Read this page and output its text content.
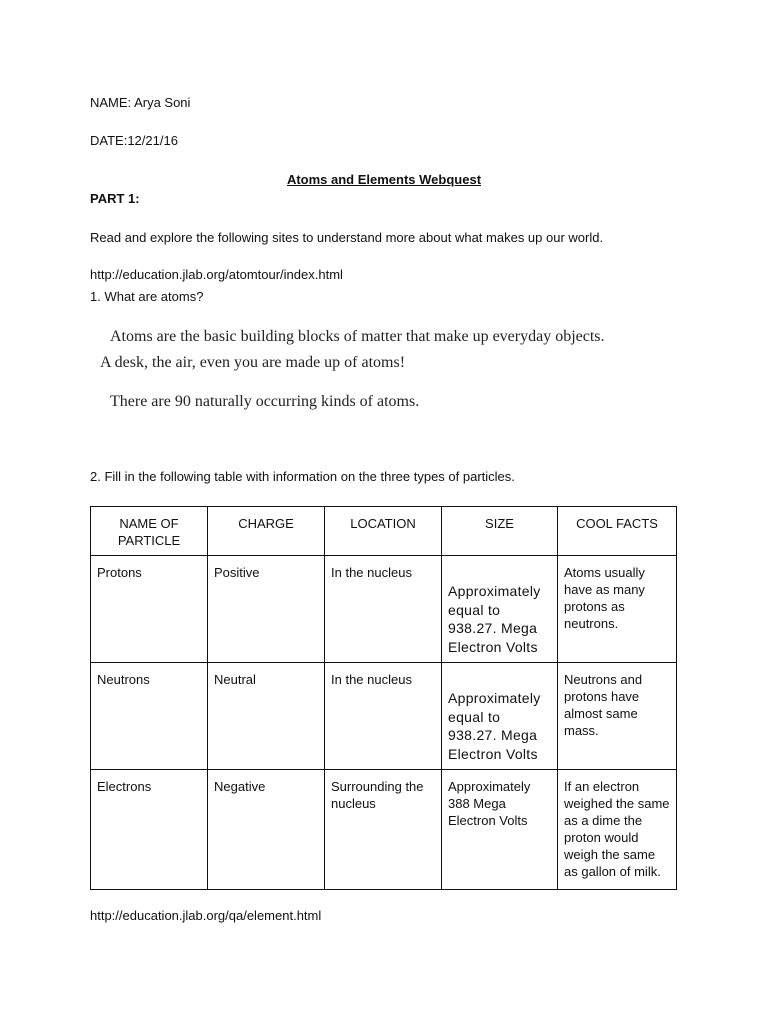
NAME: Arya Soni
DATE:12/21/16
Atoms and Elements Webquest
PART 1:
Read and explore the following sites to understand more about what makes up our world.
http://education.jlab.org/atomtour/index.html
1. What are atoms?
Atoms are the basic building blocks of matter that make up everyday objects.
A desk, the air, even you are made up of atoms!
There are 90 naturally occurring kinds of atoms.
2. Fill in the following table with information on the three types of particles.
NAME OF PARTICLE	CHARGE	LOCATION	SIZE	COOL FACTS
Protons	Positive	In the nucleus	Approximately equal to 938.27. Mega Electron Volts	Atoms usually have as many protons as neutrons.
Neutrons	Neutral	In the nucleus	Approximately equal to 938.27. Mega Electron Volts	Neutrons and protons have almost same mass.
Electrons	Negative	Surrounding the nucleus	Approximately 388 Mega Electron Volts	If an electron weighed the same as a dime the proton would weigh the same as gallon of milk.
http://education.jlab.org/qa/element.html
